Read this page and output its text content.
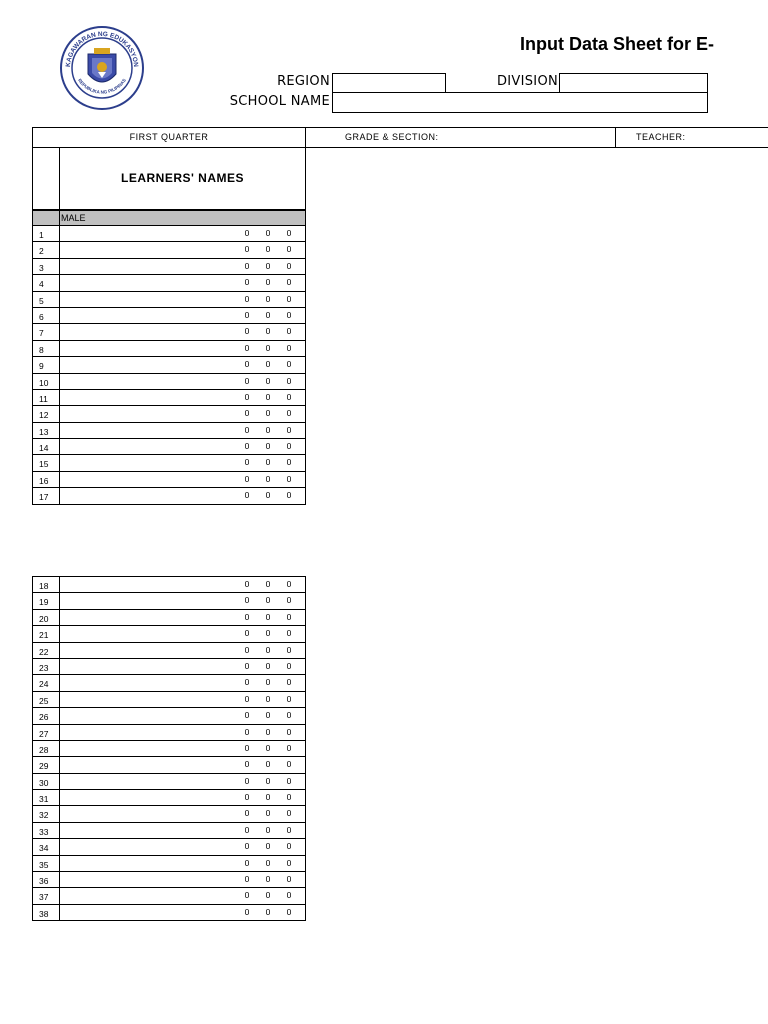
KAGAWARAN NG EDUKASYON
REPUBLIKA NG PILIPINAS
Input Data Sheet for E-
REGION	DIVISION
SCHOOL NAME
FIRST QUARTER	GRADE & SECTION:	TEACHER:
LEARNERS' NAMES
MALE
1	0 0 0
2	0 0 0
3	0 0 0
4	0 0 0
5	0 0 0
6	0 0 0
7	0 0 0
8	0 0 0
9	0 0 0
10	0 0 0
11	0 0 0
12	0 0 0
13	0 0 0
14	0 0 0
15	0 0 0
16	0 0 0
17	0 0 0
18	0 0 0
19	0 0 0
20	0 0 0
21	0 0 0
22	0 0 0
23	0 0 0
24	0 0 0
25	0 0 0
26	0 0 0
27	0 0 0
28	0 0 0
29	0 0 0
30	0 0 0
31	0 0 0
32	0 0 0
33	0 0 0
34	0 0 0
35	0 0 0
36	0 0 0
37	0 0 0
38	0 0 0
